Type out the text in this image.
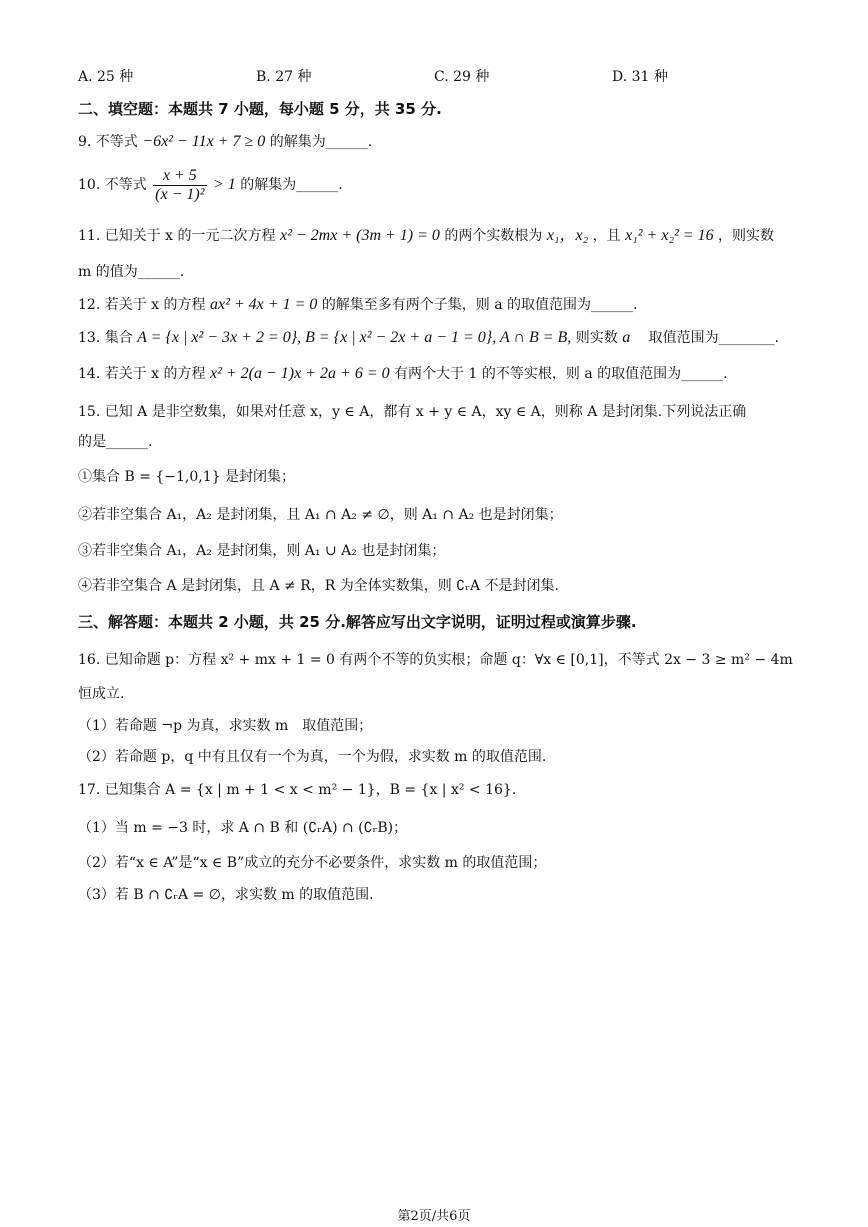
A. 25 种	B. 27 种	C. 29 种	D. 31 种
二、填空题：本题共 7 小题，每小题 5 分，共 35 分.
9. 不等式 −6x² − 11x + 7 ≥ 0 的解集为______.
10. 不等式 $\frac{x + 5}{\text{(x − 1)²}} > 1$ 的解集为______.
11. 已知关于 x 的一元二次方程 x² − 2mx + (3m + 1) = 0 的两个实数根为 x₁，x₂ ，且 x₁² + x₂² = 16 ，则实数
m 的值为______.
12. 若关于 x 的方程 ax² + 4x + 1 = 0 的解集至多有两个子集，则 a 的取值范围为______.
13. 集合 A = {x | x² − 3x + 2 = 0}, B = {x | x² − 2x + a − 1 = 0}, A ∩ B = B, 则实数 a 取值范围为________.
14. 若关于 x 的方程 x² + 2(a − 1)x + 2a + 6 = 0 有两个大于 1 的不等实根，则 a 的取值范围为______.
15. 已知 A 是非空数集，如果对任意 x，y ∈ A，都有 x + y ∈ A，xy ∈ A，则称 A 是封闭集.下列说法正确
的是______.
①集合 B = {−1,0,1} 是封闭集；
②若非空集合 A₁，A₂ 是封闭集，且 A₁ ∩ A₂ ≠ ∅，则 A₁ ∩ A₂ 也是封闭集；
③若非空集合 A₁，A₂ 是封闭集，则 A₁ ∪ A₂ 也是封闭集；
④若非空集合 A 是封闭集，且 A ≠ R，R 为全体实数集，则 ∁ᵣA 不是封闭集.
三、解答题：本题共 2 小题，共 25 分.解答应写出文字说明，证明过程或演算步骤.
16. 已知命题 p：方程 x² + mx + 1 = 0 有两个不等的负实根；命题 q：∀x ∈ [0,1]，不等式 2x − 3 ≥ m² − 4m
恒成立.
（1）若命题 ¬p 为真，求实数 m　取值范围；
（2）若命题 p，q 中有且仅有一个为真，一个为假，求实数 m 的取值范围.
17. 已知集合 A = {x | m + 1 < x < m² − 1}，B = {x | x² < 16}.
（1）当 m = −3 时，求 A ∩ B 和 (∁ᵣA) ∩ (∁ᵣB)；
（2）若“x ∈ A”是“x ∈ B”成立的充分不必要条件，求实数 m 的取值范围；
（3）若 B ∩ ∁ᵣA = ∅，求实数 m 的取值范围.
第2页/共6页
